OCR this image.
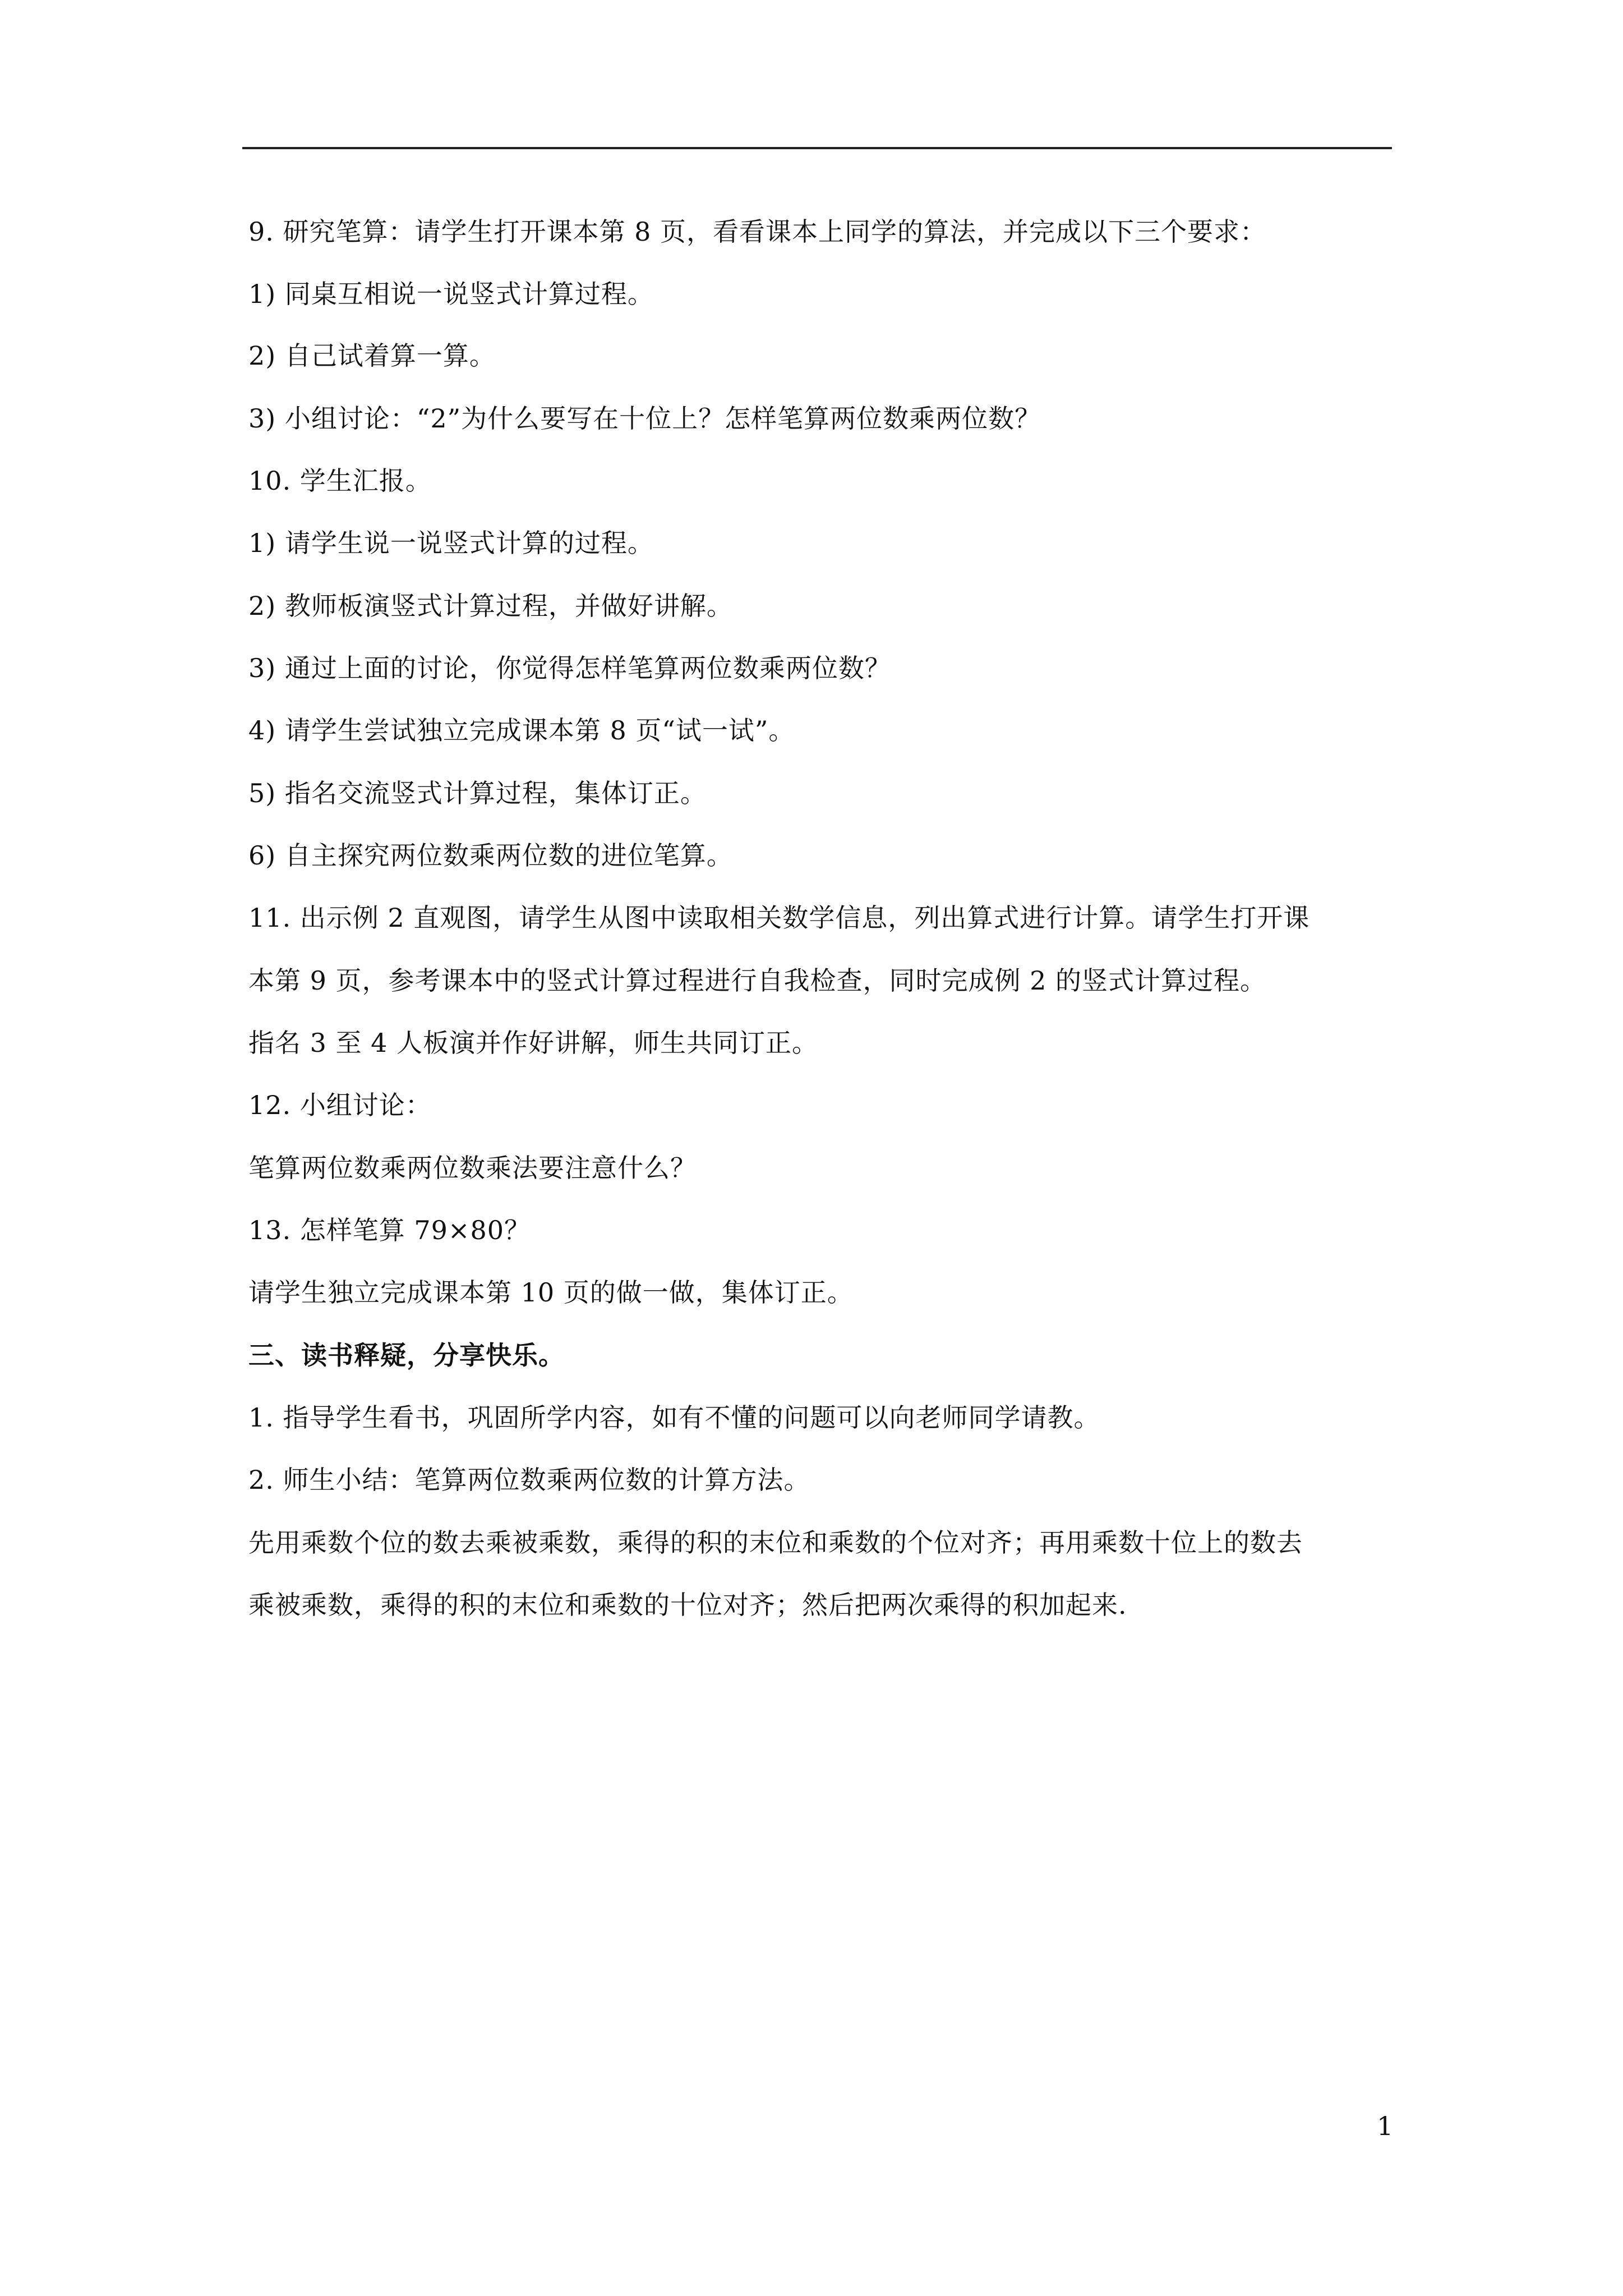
9. 研究笔算：请学生打开课本第 8 页，看看课本上同学的算法，并完成以下三个要求：

1) 同桌互相说一说竖式计算过程。

2) 自己试着算一算。

3) 小组讨论：“2”为什么要写在十位上？怎样笔算两位数乘两位数？

10. 学生汇报。

1) 请学生说一说竖式计算的过程。

2) 教师板演竖式计算过程，并做好讲解。

3) 通过上面的讨论，你觉得怎样笔算两位数乘两位数？

4) 请学生尝试独立完成课本第 8 页“试一试”。

5) 指名交流竖式计算过程，集体订正。

6) 自主探究两位数乘两位数的进位笔算。

11. 出示例 2 直观图，请学生从图中读取相关数学信息，列出算式进行计算。请学生打开课

本第 9 页，参考课本中的竖式计算过程进行自我检查，同时完成例 2 的竖式计算过程。

指名 3 至 4 人板演并作好讲解，师生共同订正。

12. 小组讨论：

笔算两位数乘两位数乘法要注意什么？

13. 怎样笔算 79×80？

请学生独立完成课本第 10 页的做一做，集体订正。

三、读书释疑，分享快乐。

1. 指导学生看书，巩固所学内容，如有不懂的问题可以向老师同学请教。

2. 师生小结：笔算两位数乘两位数的计算方法。

先用乘数个位的数去乘被乘数，乘得的积的末位和乘数的个位对齐；再用乘数十位上的数去

乘被乘数，乘得的积的末位和乘数的十位对齐；然后把两次乘得的积加起来.

1
